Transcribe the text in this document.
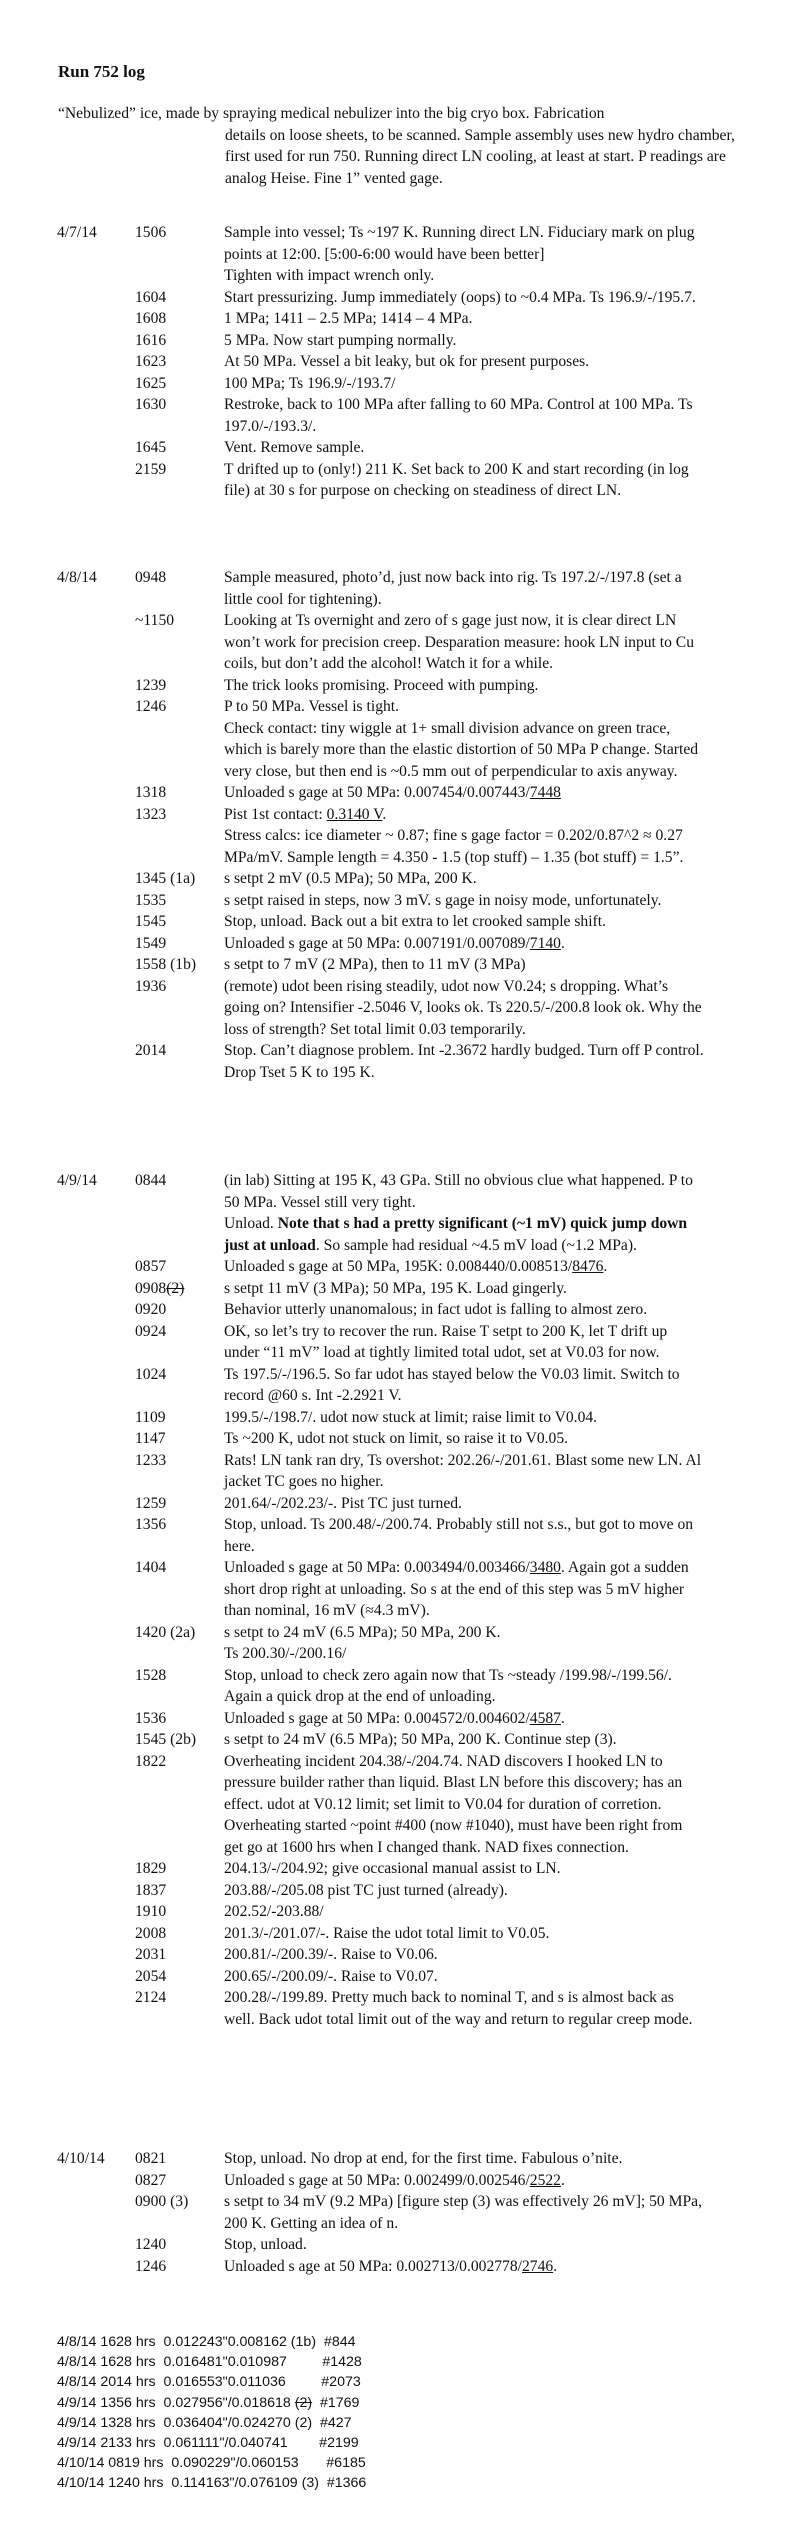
Run 752 log
“Nebulized” ice, made by spraying medical nebulizer into the big cryo box. Fabrication
details on loose sheets, to be scanned. Sample assembly uses new hydro chamber, first used for run 750. Running direct LN cooling, at least at start. P readings are analog Heise. Fine 1” vented gage.
4/7/14	1506	Sample into vessel; Ts ~197 K. Running direct LN. Fiduciary mark on plug points at 12:00. [5:00-6:00 would have been better]
Tighten with impact wrench only.
1604	Start pressurizing. Jump immediately (oops) to ~0.4 MPa. Ts 196.9/-/195.7.
1608	1 MPa; 1411 – 2.5 MPa; 1414 – 4 MPa.
1616	5 MPa. Now start pumping normally.
1623	At 50 MPa. Vessel a bit leaky, but ok for present purposes.
1625	100 MPa; Ts 196.9/-/193.7/
1630	Restroke, back to 100 MPa after falling to 60 MPa. Control at 100 MPa. Ts 197.0/-/193.3/.
1645	Vent. Remove sample.
2159	T drifted up to (only!) 211 K. Set back to 200 K and start recording (in log file) at 30 s for purpose on checking on steadiness of direct LN.
4/8/14	0948	Sample measured, photo’d, just now back into rig. Ts 197.2/-/197.8 (set a little cool for tightening).
~1150	Looking at Ts overnight and zero of s gage just now, it is clear direct LN won’t work for precision creep. Desparation measure: hook LN input to Cu coils, but don’t add the alcohol! Watch it for a while.
1239	The trick looks promising. Proceed with pumping.
1246	P to 50 MPa. Vessel is tight.
Check contact: tiny wiggle at 1+ small division advance on green trace, which is barely more than the elastic distortion of 50 MPa P change. Started very close, but then end is ~0.5 mm out of perpendicular to axis anyway.
1318	Unloaded s gage at 50 MPa: 0.007454/0.007443/7448
1323	Pist 1st contact: 0.3140 V.
Stress calcs: ice diameter ~ 0.87; fine s gage factor = 0.202/0.87^2 ≈ 0.27 MPa/mV. Sample length = 4.350 - 1.5 (top stuff) – 1.35 (bot stuff) = 1.5”.
1345 (1a)	s setpt 2 mV (0.5 MPa); 50 MPa, 200 K.
1535	s setpt raised in steps, now 3 mV. s gage in noisy mode, unfortunately.
1545	Stop, unload. Back out a bit extra to let crooked sample shift.
1549	Unloaded s gage at 50 MPa: 0.007191/0.007089/7140.
1558 (1b)	s setpt to 7 mV (2 MPa), then to 11 mV (3 MPa)
1936	(remote) udot been rising steadily, udot now V0.24; s dropping. What’s going on? Intensifier -2.5046 V, looks ok. Ts 220.5/-/200.8 look ok. Why the loss of strength? Set total limit 0.03 temporarily.
2014	Stop. Can’t diagnose problem. Int -2.3672 hardly budged. Turn off P control. Drop Tset 5 K to 195 K.
4/9/14	0844	(in lab) Sitting at 195 K, 43 GPa. Still no obvious clue what happened. P to 50 MPa. Vessel still very tight.
Unload. Note that s had a pretty significant (~1 mV) quick jump down just at unload. So sample had residual ~4.5 mV load (~1.2 MPa).
0857	Unloaded s gage at 50 MPa, 195K: 0.008440/0.008513/8476.
0908(2)	s setpt 11 mV (3 MPa); 50 MPa, 195 K. Load gingerly.
0920	Behavior utterly unanomalous; in fact udot is falling to almost zero.
0924	OK, so let’s try to recover the run. Raise T setpt to 200 K, let T drift up under “11 mV” load at tightly limited total udot, set at V0.03 for now.
1024	Ts 197.5/-/196.5. So far udot has stayed below the V0.03 limit. Switch to record @60 s. Int -2.2921 V.
1109	199.5/-/198.7/. udot now stuck at limit; raise limit to V0.04.
1147	Ts ~200 K, udot not stuck on limit, so raise it to V0.05.
1233	Rats! LN tank ran dry, Ts overshot: 202.26/-/201.61. Blast some new LN. Al jacket TC goes no higher.
1259	201.64/-/202.23/-. Pist TC just turned.
1356	Stop, unload. Ts 200.48/-/200.74. Probably still not s.s., but got to move on here.
1404	Unloaded s gage at 50 MPa: 0.003494/0.003466/3480. Again got a sudden short drop right at unloading. So s at the end of this step was 5 mV higher than nominal, 16 mV (≈4.3 mV).
1420 (2a)	s setpt to 24 mV (6.5 MPa); 50 MPa, 200 K.
Ts 200.30/-/200.16/
1528	Stop, unload to check zero again now that Ts ~steady /199.98/-/199.56/. Again a quick drop at the end of unloading.
1536	Unloaded s gage at 50 MPa: 0.004572/0.004602/4587.
1545 (2b)	s setpt to 24 mV (6.5 MPa); 50 MPa, 200 K. Continue step (3).
1822	Overheating incident 204.38/-/204.74. NAD discovers I hooked LN to pressure builder rather than liquid. Blast LN before this discovery; has an effect. udot at V0.12 limit; set limit to V0.04 for duration of corretion. Overheating started ~point #400 (now #1040), must have been right from get go at 1600 hrs when I changed thank. NAD fixes connection.
1829	204.13/-/204.92; give occasional manual assist to LN.
1837	203.88/-/205.08 pist TC just turned (already).
1910	202.52/-203.88/
2008	201.3/-/201.07/-. Raise the udot total limit to V0.05.
2031	200.81/-/200.39/-. Raise to V0.06.
2054	200.65/-/200.09/-. Raise to V0.07.
2124	200.28/-/199.89. Pretty much back to nominal T, and s is almost back as well. Back udot total limit out of the way and return to regular creep mode.
4/10/14	0821	Stop, unload. No drop at end, for the first time. Fabulous o’nite.
0827	Unloaded s gage at 50 MPa: 0.002499/0.002546/2522.
0900 (3)	s setpt to 34 mV (9.2 MPa) [figure step (3) was effectively 26 mV]; 50 MPa, 200 K. Getting an idea of n.
1240	Stop, unload.
1246	Unloaded s age at 50 MPa: 0.002713/0.002778/2746.
4/8/14 1628 hrs  0.012243"0.008162 (1b)  #844
4/8/14 1628 hrs  0.016481"0.010987         #1428
4/8/14 2014 hrs  0.016553"0.011036         #2073
4/9/14 1356 hrs  0.027956"/0.018618 (2)  #1769
4/9/14 1328 hrs  0.036404"/0.024270 (2)  #427
4/9/14 2133 hrs  0.061111"/0.040741        #2199
4/10/14 0819 hrs  0.090229"/0.060153       #6185
4/10/14 1240 hrs  0.114163"/0.076109 (3)  #1366
